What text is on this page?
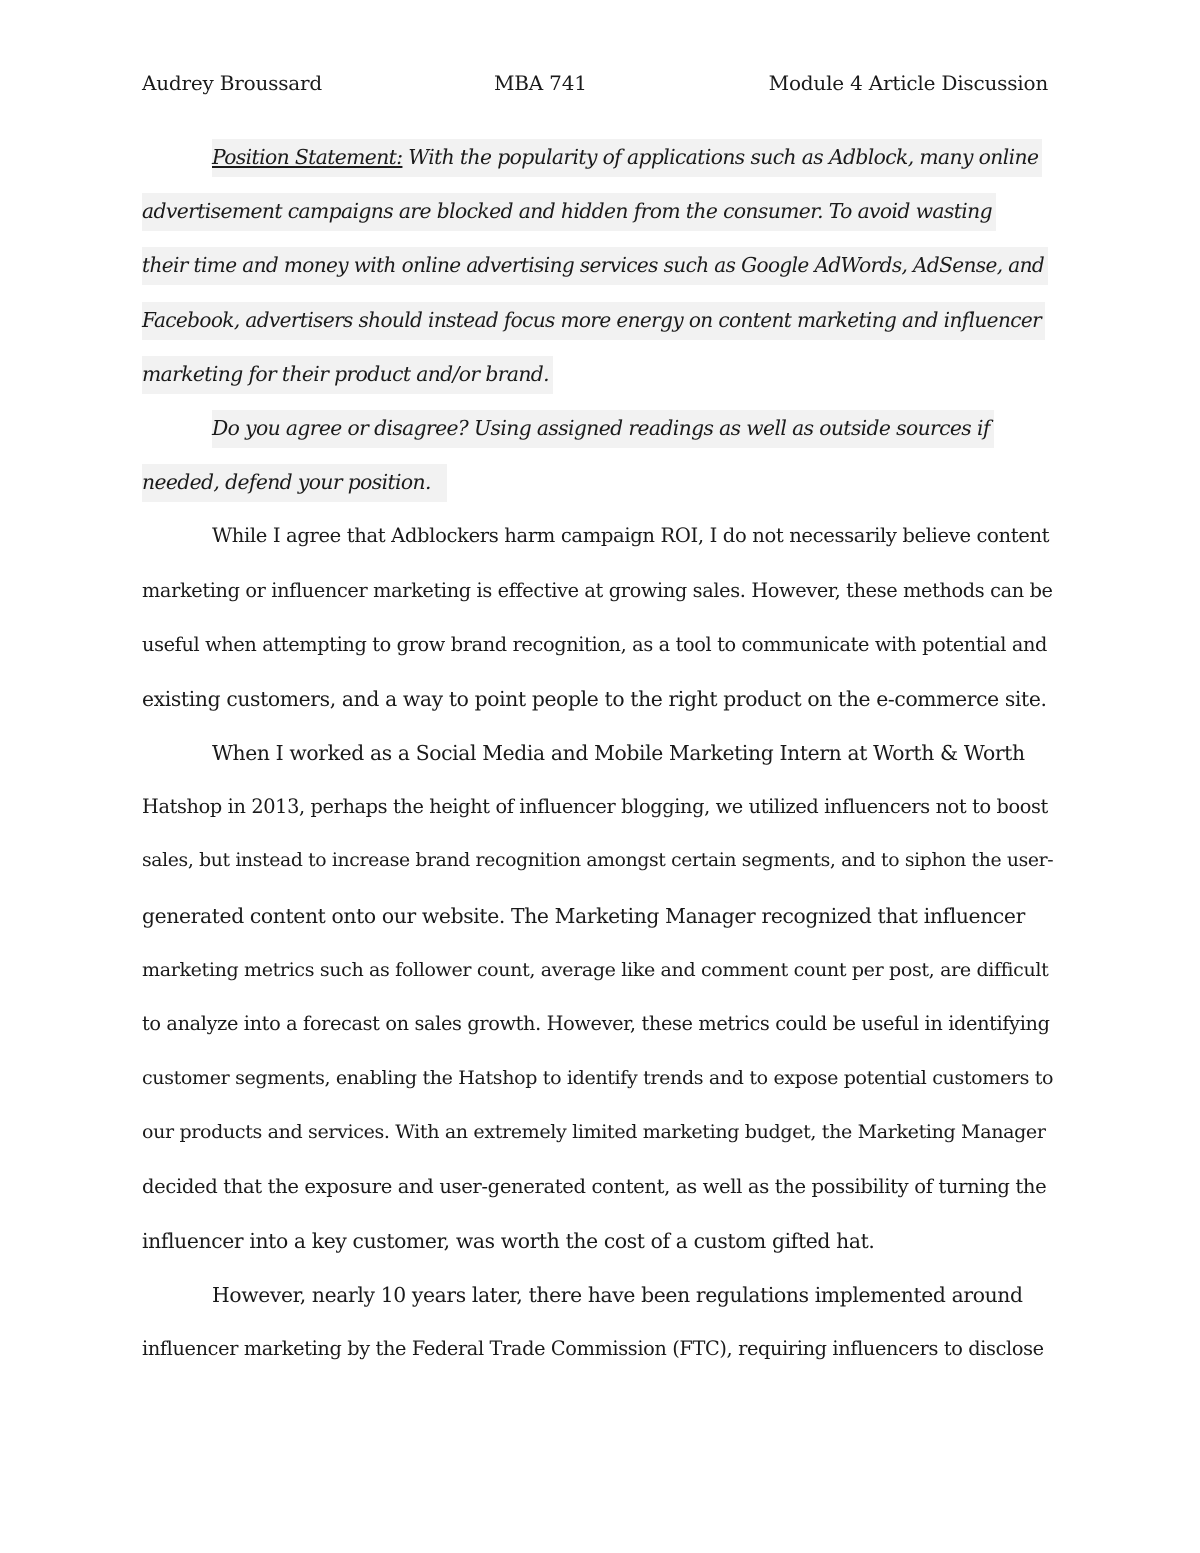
Audrey Broussard	MBA 741	Module 4 Article Discussion
Position Statement: With the popularity of applications such as Adblock, many online
advertisement campaigns are blocked and hidden from the consumer. To avoid wasting
their time and money with online advertising services such as Google AdWords, AdSense, and
Facebook, advertisers should instead focus more energy on content marketing and influencer
marketing for their product and/or brand.
Do you agree or disagree? Using assigned readings as well as outside sources if
needed, defend your position.
While I agree that Adblockers harm campaign ROI, I do not necessarily believe content
marketing or influencer marketing is effective at growing sales. However, these methods can be
useful when attempting to grow brand recognition, as a tool to communicate with potential and
existing customers, and a way to point people to the right product on the e-commerce site.
When I worked as a Social Media and Mobile Marketing Intern at Worth & Worth
Hatshop in 2013, perhaps the height of influencer blogging, we utilized influencers not to boost
sales, but instead to increase brand recognition amongst certain segments, and to siphon the user-
generated content onto our website. The Marketing Manager recognized that influencer
marketing metrics such as follower count, average like and comment count per post, are difficult
to analyze into a forecast on sales growth. However, these metrics could be useful in identifying
customer segments, enabling the Hatshop to identify trends and to expose potential customers to
our products and services. With an extremely limited marketing budget, the Marketing Manager
decided that the exposure and user-generated content, as well as the possibility of turning the
influencer into a key customer, was worth the cost of a custom gifted hat.
However, nearly 10 years later, there have been regulations implemented around
influencer marketing by the Federal Trade Commission (FTC), requiring influencers to disclose
